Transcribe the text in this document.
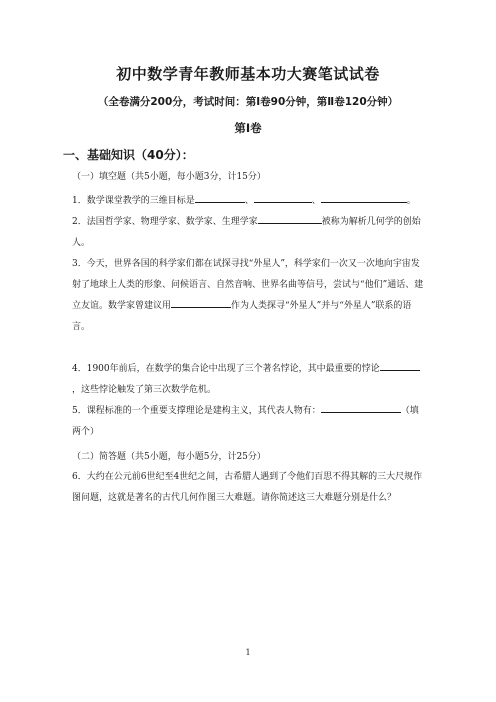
初中数学青年教师基本功大赛笔试试卷
（全卷满分200分，考试时间：第Ⅰ卷90分钟，第Ⅱ卷120分钟）
第Ⅰ卷
一、基础知识（40分）：
（一）填空题（共5小题，每小题3分，计15分）
1．数学课堂教学的三维目标是	、	、	。
2．法国哲学家、物理学家、数学家、生理学家	被称为解析几何学的创始人。
3．今天，世界各国的科学家们都在试探寻找“外星人”，科学家们一次又一次地向宇宙发射了地球上人类的形象、问候语言、自然音响、世界名曲等信号，尝试与“他们”通话、建立友谊。数学家曾建议用	作为人类探寻“外星人”并与“外星人”联系的语言。
4．1900年前后，在数学的集合论中出现了三个著名悖论，其中最重要的悖论，这些悖论触发了第三次数学危机。
5．课程标准的一个重要支撑理论是建构主义，其代表人物有：	（填两个）
（二）简答题（共5小题，每小题5分，计25分）
6．大约在公元前6世纪至4世纪之间，古希腊人遇到了令他们百思不得其解的三大尺规作图问题，这就是著名的古代几何作图三大难题。请你简述这三大难题分别是什么？
1
